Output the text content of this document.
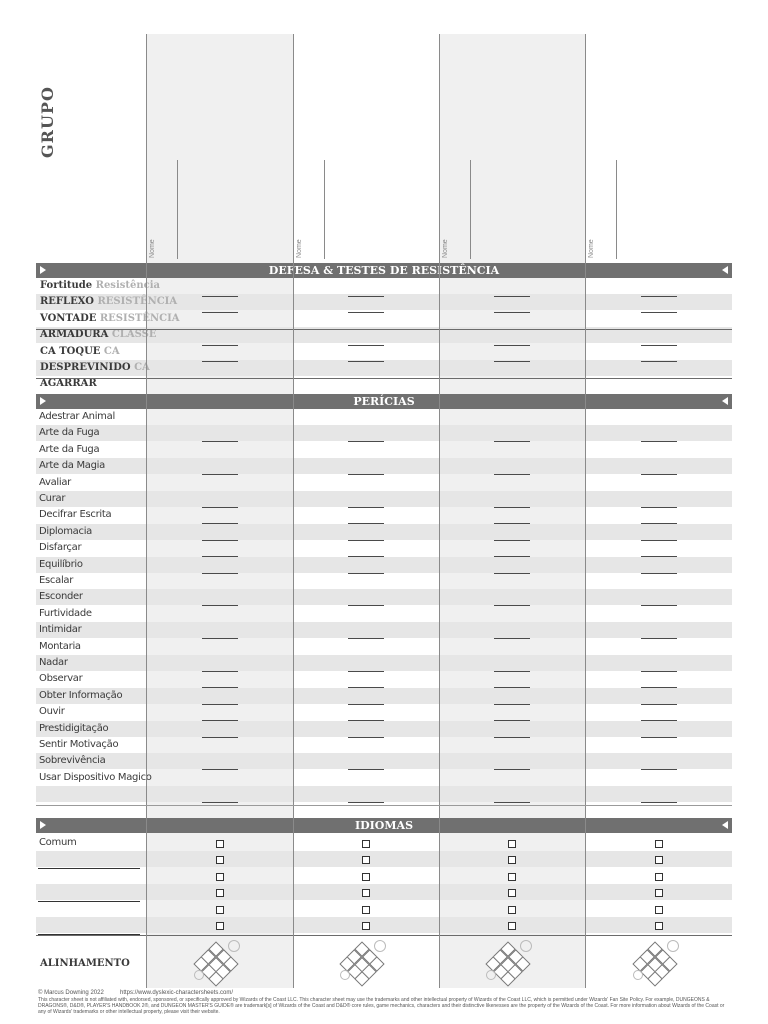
GRUPO
Nome	Nome	Nome	Nome
DEFESA & TESTES DE RESISTÊNCIA
Fortitude Resistência
REFLEXO RESISTÊNCIA
VONTADE RESISTÊNCIA
ARMADURA CLASSE
CA TOQUE CA
DESPREVINIDO CA
AGARRAR
PERÍCIAS
Adestrar Animal
Arte da Fuga
Arte da Fuga
Arte da Magia
Avaliar
Curar
Decifrar Escrita
Diplomacia
Disfarçar
Equilíbrio
Escalar
Esconder
Furtividade
Intimidar
Montaria
Nadar
Observar
Obter Informação
Ouvir
Prestidigitação
Sentir Motivação
Sobrevivência
Usar Dispositivo Magico
IDIOMAS
Comum
ALINHAMENTO
© Marcus Downing 2022	https://www.dyslexic-charactersheets.com/
This character sheet is not affiliated with, endorsed, sponsored, or specifically approved by Wizards of the Coast LLC. This character sheet may use the trademarks and other intellectual property of Wizards of the Coast LLC, which is permitted under Wizards' Fan Site Policy. For example, DUNGEONS & DRAGONS®, D&D®, PLAYER'S HANDBOOK 2®, and DUNGEON MASTER'S GUIDE® are trademark[s] of Wizards of the Coast and D&D® core rules, game mechanics, characters and their distinctive likenesses are the property of the Wizards of the Coast. For more information about Wizards of the Coast or any of Wizards' trademarks or other intellectual property, please visit their website.
